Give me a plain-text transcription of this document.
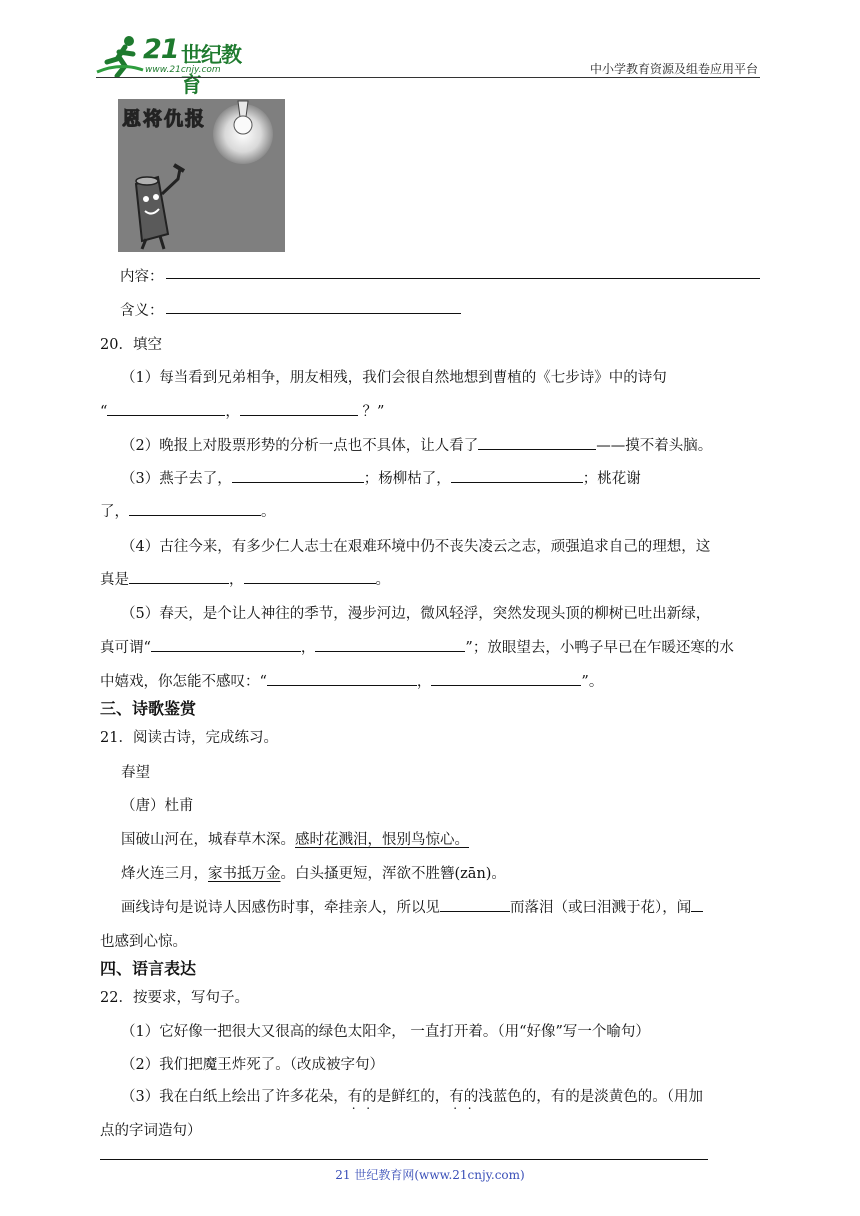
21 世纪教育
www.21cnjy.com	中小学教育资源及组卷应用平台
恩将仇报
内容：
含义：
20．填空
（1）每当看到兄弟相争，朋友相残，我们会很自然地想到曹植的《七步诗》中的诗句
“	，	？”
（2）晚报上对股票形势的分析一点也不具体，让人看了	——摸不着头脑。
（3）燕子去了，	；杨柳枯了，	；桃花谢
了，	。
（4）古往今来，有多少仁人志士在艰难环境中仍不丧失凌云之志，顽强追求自己的理想，这
真是	，	。
（5）春天，是个让人神往的季节，漫步河边，微风轻浮，突然发现头顶的柳树已吐出新绿，
真可谓“	，	”；放眼望去，小鸭子早已在乍暖还寒的水
中嬉戏，你怎能不感叹：“	，	”。
三、诗歌鉴赏
21．阅读古诗，完成练习。
春望
（唐）杜甫
国破山河在，城春草木深。感时花溅泪，恨别鸟惊心。
烽火连三月，家书抵万金。白头搔更短，浑欲不胜簪(zān)。
画线诗句是说诗人因感伤时事，牵挂亲人，所以见	而落泪（或曰泪溅于花），闻
也感到心惊。
四、语言表达
22．按要求，写句子。
（1）它好像一把很大又很高的绿色太阳伞， 一直打开着。（用“好像”写一个喻句）
（2）我们把魔王炸死了。（改成被字句）
（3）我在白纸上绘出了许多花朵，有的是鲜红的，有的浅蓝色的，有的是淡黄色的。（用加
点的字词造句）
21 世纪教育网(www.21cnjy.com)
